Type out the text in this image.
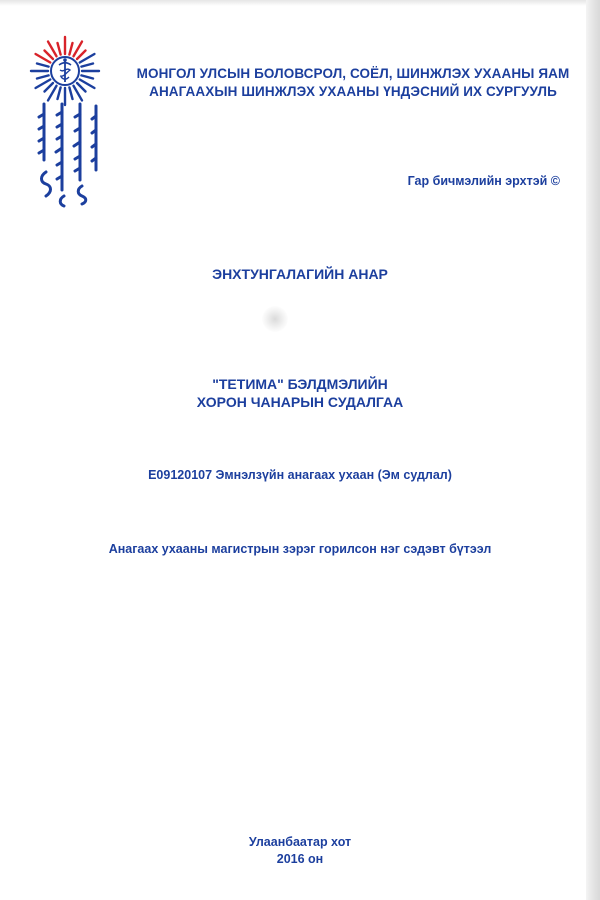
МОНГОЛ УЛСЫН БОЛОВСРОЛ, СОЁЛ, ШИНЖЛЭХ УХААНЫ ЯАМ
АНАГААХЫН ШИНЖЛЭХ УХААНЫ ҮНДЭСНИЙ ИХ СУРГУУЛЬ
Гар бичмэлийн эрхтэй ©
ЭНХТУНГАЛАГИЙН АНАР
"ТЕТИМА" БЭЛДМЭЛИЙН
ХОРОН ЧАНАРЫН СУДАЛГАА
Е09120107 Эмнэлзүйн анагаах ухаан (Эм судлал)
Анагаах ухааны магистрын зэрэг горилсон нэг сэдэвт бүтээл
Улаанбаатар хот
2016 он
